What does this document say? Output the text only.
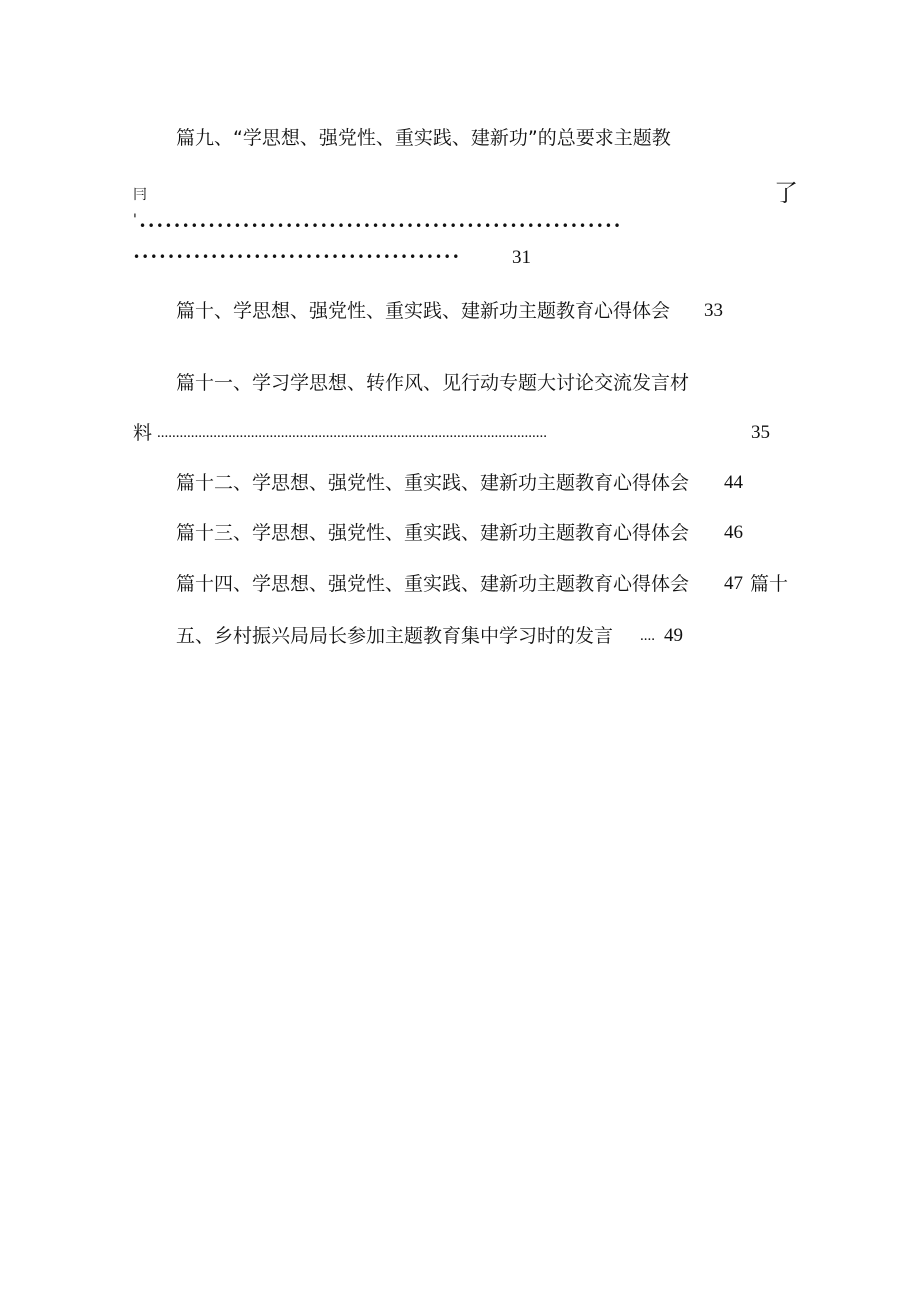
篇九、“学思想、强党性、重实践、建新功”的总要求主题教
冃	了
' ••••••••••••••••••••••••••••••••••••••••••••••••••••••••
••••••••••••••••••••••••••••••••••••••	31
篇十、学思想、强党性、重实践、建新功主题教育心得体会 33
篇十一、学习学思想、转作风、见行动专题大讨论交流发言材
料 ........................................................................................................	35
篇十二、学思想、强党性、重实践、建新功主题教育心得体会 44
篇十三、学思想、强党性、重实践、建新功主题教育心得体会 46
篇十四、学思想、强党性、重实践、建新功主题教育心得体会 47 篇十
五、乡村振兴局局长参加主题教育集中学习时的发言 .... 49
